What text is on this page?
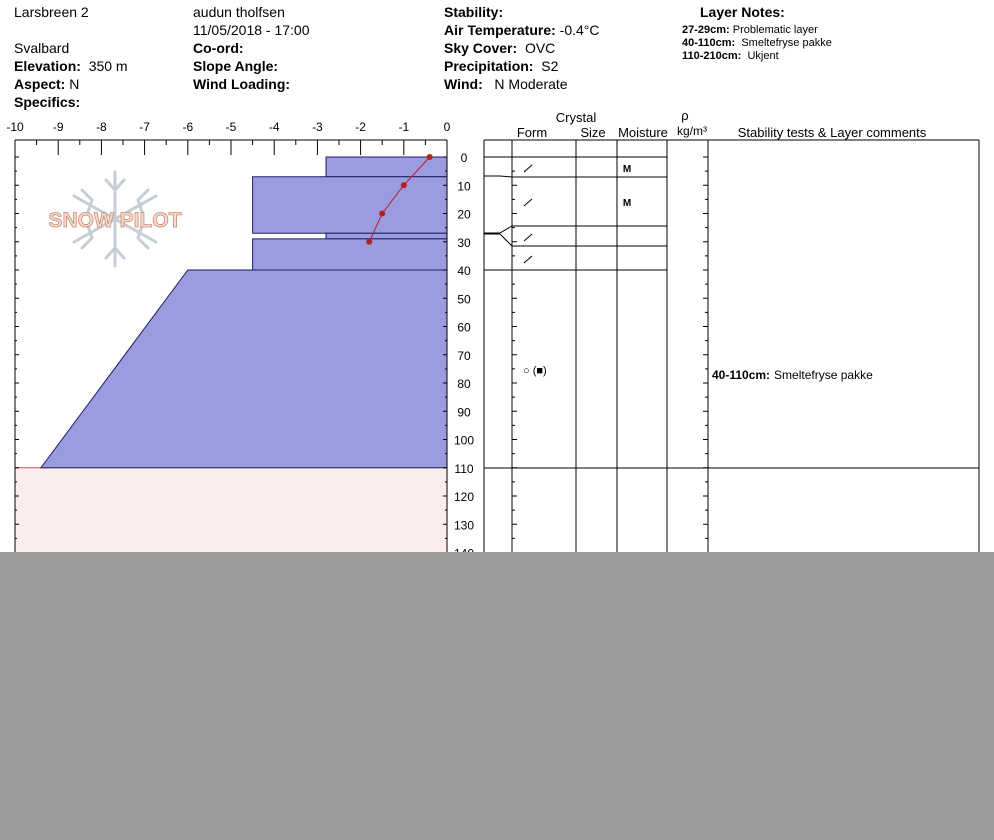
Larsbreen 2
Svalbard
Elevation: 350 m
Aspect: N
Specifics:
audun tholfsen
11/05/2018 - 17:00
Co-ord:
Slope Angle:
Wind Loading:
Stability:
Air Temperature: -0.4°C
Sky Cover: OVC
Precipitation: S2
Wind: N Moderate
Layer Notes:
27-29cm: Problematic layer
40-110cm: Smeltefryse pakke
110-210cm: Ukjent
SNOW PILOT
-10 -9	-8	-7	-6	-5	-4	-3	-2	-1	0
0
10
20
30
40
50
60
70
80
90
100
110
120
130
M
M
○ (■)	40-110cm: Smeltefryse pakke
Crystal
Form	Size Moisture
ρ
kg/m³ Stability tests & Layer comments
